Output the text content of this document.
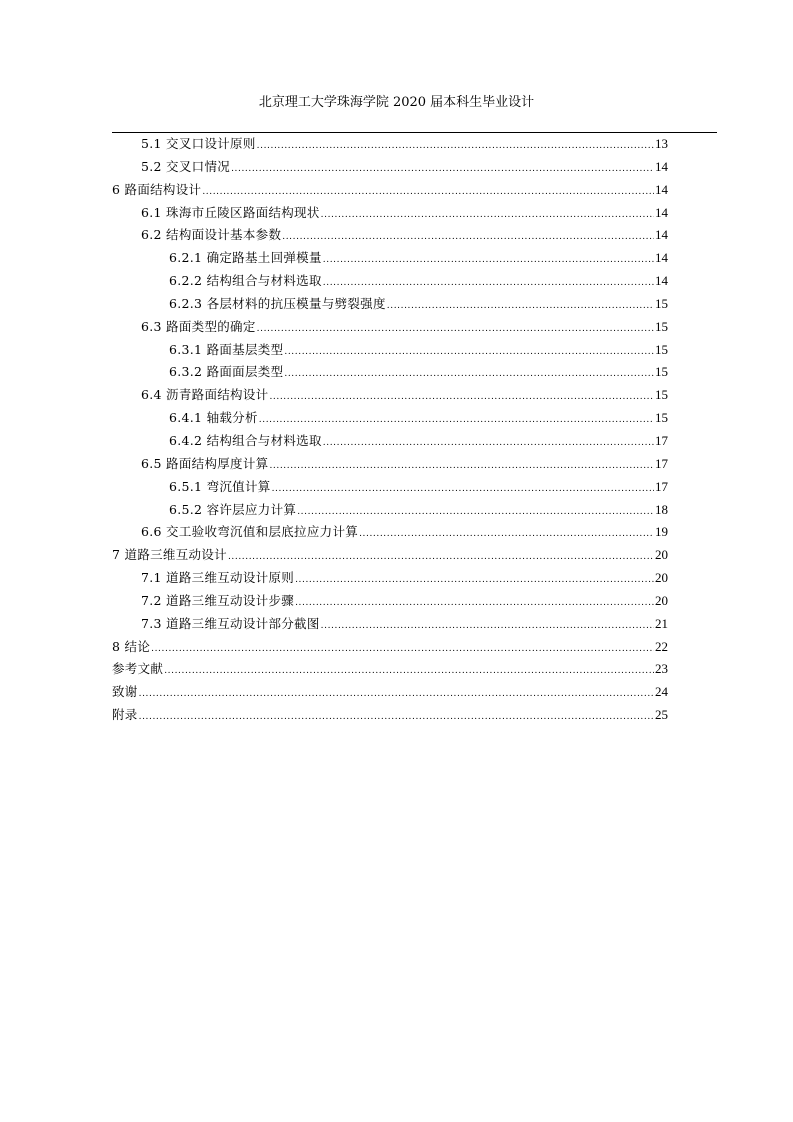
北京理工大学珠海学院 2020 届本科生毕业设计
5.1 交叉口设计原则 .....	13
5.2 交叉口情况 .....	14
6 路面结构设计 .....	14
6.1 珠海市丘陵区路面结构现状 .....	14
6.2 结构面设计基本参数 .....	14
6.2.1 确定路基土回弹模量 .....	14
6.2.2 结构组合与材料选取 .....	14
6.2.3 各层材料的抗压模量与劈裂强度 .....	15
6.3 路面类型的确定 .....	15
6.3.1 路面基层类型 .....	15
6.3.2 路面面层类型 .....	15
6.4 沥青路面结构设计 .....	15
6.4.1 轴载分析 .....	15
6.4.2 结构组合与材料选取 .....	17
6.5 路面结构厚度计算 .....	17
6.5.1 弯沉值计算 .....	17
6.5.2 容许层应力计算 .....	18
6.6 交工验收弯沉值和层底拉应力计算 .....	19
7 道路三维互动设计 .....	20
7.1 道路三维互动设计原则 .....	20
7.2 道路三维互动设计步骤 .....	20
7.3 道路三维互动设计部分截图 .....	21
8 结论 .....	22
参考文献 .....	23
致谢 .....	24
附录 .....	25
